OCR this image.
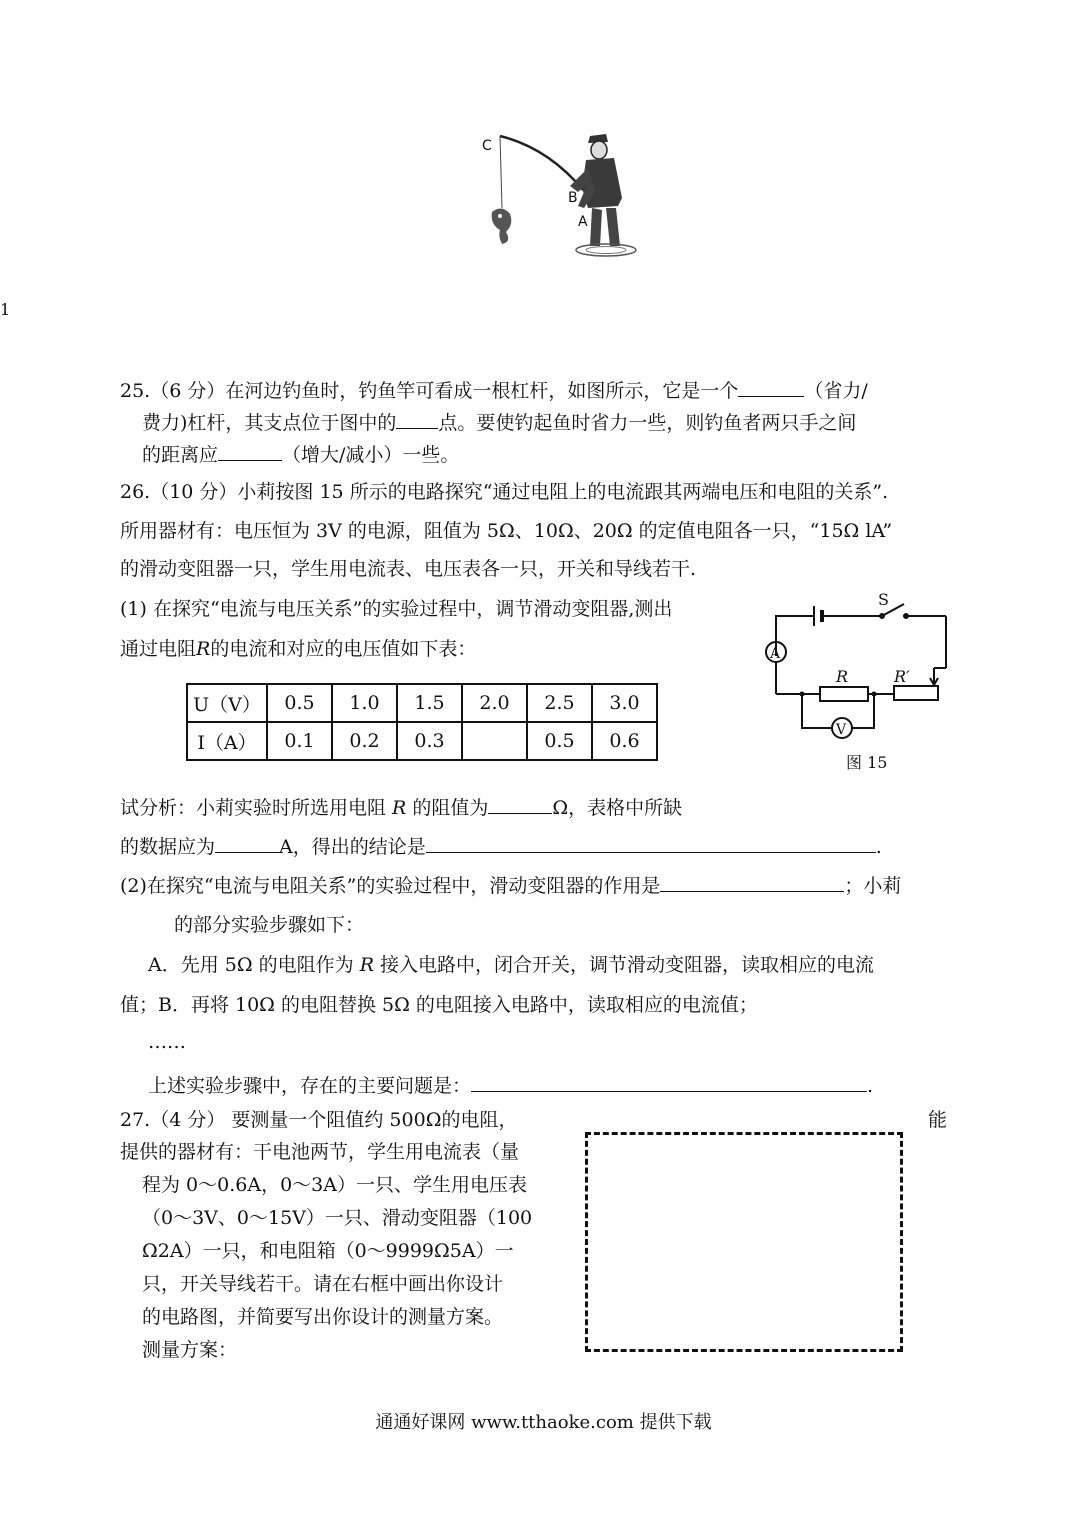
C
B
A
1
25.（6 分）在河边钓鱼时，钓鱼竿可看成一根杠杆，如图所示，它是一个	（省力/
费力)杠杆，其支点位于图中的 点。要使钓起鱼时省力一些，则钓鱼者两只手之间
的距离应	（增大/减小）一些。
26.（10 分）小莉按图 15 所示的电路探究“通过电阻上的电流跟其两端电压和电阻的关系”.
所用器材有：电压恒为 3V 的电源，阻值为 5Ω、10Ω、20Ω 的定值电阻各一只，“15Ω lA”
的滑动变阻器一只，学生用电流表、电压表各一只，开关和导线若干.
(1) 在探究“电流与电压关系”的实验过程中，调节滑动变阻器,测出
通过电阻R的电流和对应的电压值如下表：
U（V）	0.5	1.0	1.5	2.0	2.5	3.0
I（A）	0.1	0.2	0.3		0.5	0.6
S
A
V
R	R′
图 15
试分析：小莉实验时所选用电阻 R 的阻值为	Ω，表格中所缺
的数据应为	A，得出的结论是	.
(2)在探究“电流与电阻关系”的实验过程中，滑动变阻器的作用是	；小莉
的部分实验步骤如下：
A．先用 5Ω 的电阻作为 R 接入电路中，闭合开关，调节滑动变阻器，读取相应的电流
值；B．再将 10Ω 的电阻替换 5Ω 的电阻接入电路中，读取相应的电流值；
……
上述实验步骤中，存在的主要问题是：	.
27.（4 分） 要测量一个阻值约 500Ω的电阻，	能
提供的器材有：干电池两节，学生用电流表（量
程为 0～0.6A，0～3A）一只、学生用电压表
（0～3V、0～15V）一只、滑动变阻器（100
Ω2A）一只，和电阻箱（0～9999Ω5A）一
只，开关导线若干。请在右框中画出你设计
的电路图，并简要写出你设计的测量方案。
测量方案：
通通好课网 www.tthaoke.com 提供下载
